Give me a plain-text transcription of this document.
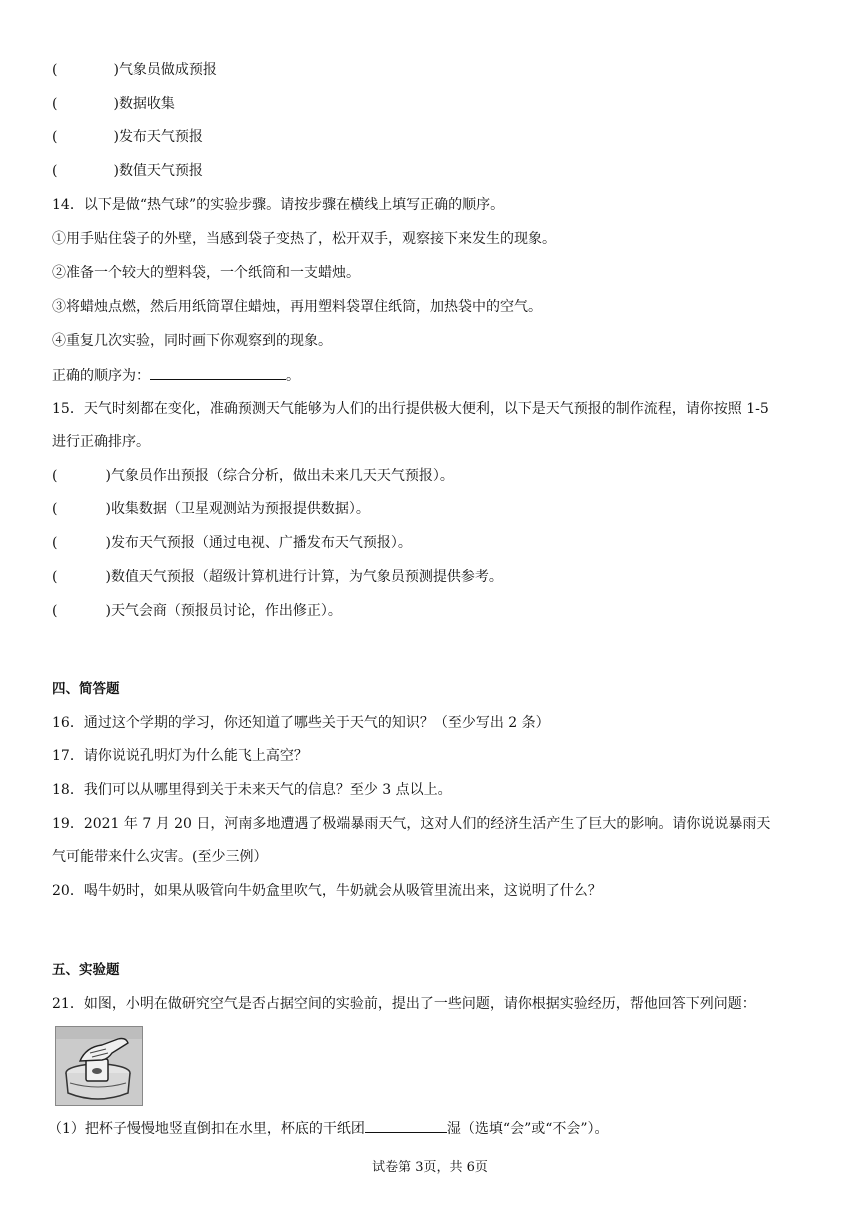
(	)气象员做成预报
(	)数据收集
(	)发布天气预报
(	)数值天气预报
14．以下是做“热气球”的实验步骤。请按步骤在横线上填写正确的顺序。
①用手贴住袋子的外壁，当感到袋子变热了，松开双手，观察接下来发生的现象。
②准备一个较大的塑料袋，一个纸筒和一支蜡烛。
③将蜡烛点燃，然后用纸筒罩住蜡烛，再用塑料袋罩住纸筒，加热袋中的空气。
④重复几次实验，同时画下你观察到的现象。
正确的顺序为：	。
15．天气时刻都在变化，准确预测天气能够为人们的出行提供极大便利，以下是天气预报的制作流程，请你按照 1-5
进行正确排序。
(	)气象员作出预报（综合分析，做出未来几天天气预报）。
(	)收集数据（卫星观测站为预报提供数据）。
(	)发布天气预报（通过电视、广播发布天气预报）。
(	)数值天气预报（超级计算机进行计算，为气象员预测提供参考。
(	)天气会商（预报员讨论，作出修正）。
四、简答题
16．通过这个学期的学习，你还知道了哪些关于天气的知识？（至少写出 2 条）
17．请你说说孔明灯为什么能飞上高空？
18．我们可以从哪里得到关于未来天气的信息？至少 3 点以上。
19．2021 年 7 月 20 日，河南多地遭遇了极端暴雨天气，这对人们的经济生活产生了巨大的影响。请你说说暴雨天
气可能带来什么灾害。(至少三例）
20．喝牛奶时，如果从吸管向牛奶盒里吹气，牛奶就会从吸管里流出来，这说明了什么？
五、实验题
21．如图，小明在做研究空气是否占据空间的实验前，提出了一些问题，请你根据实验经历，帮他回答下列问题：
（1）把杯子慢慢地竖直倒扣在水里，杯底的干纸团	湿（选填“会”或“不会”）。
试卷第 3页，共 6页
